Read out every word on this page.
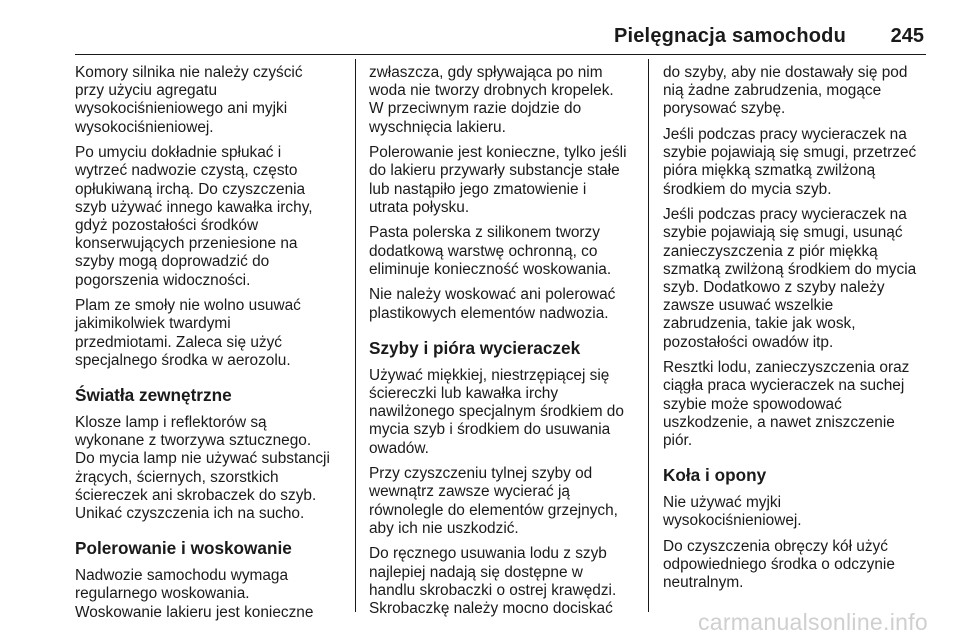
Pielęgnacja samochodu 245

Komory silnika nie należy czyścić
przy użyciu agregatu
wysokociśnieniowego ani myjki
wysokociśnieniowej.

Po umyciu dokładnie spłukać i
wytrzeć nadwozie czystą, często
opłukiwaną irchą. Do czyszczenia
szyb używać innego kawałka irchy,
gdyż pozostałości środków
konserwujących przeniesione na
szyby mogą doprowadzić do
pogorszenia widoczności.

Plam ze smoły nie wolno usuwać
jakimikolwiek twardymi
przedmiotami. Zaleca się użyć
specjalnego środka w aerozolu.

Światła zewnętrzne

Klosze lamp i reflektorów są
wykonane z tworzywa sztucznego.
Do mycia lamp nie używać substancji
żrących, ściernych, szorstkich
ściereczek ani skrobaczek do szyb.
Unikać czyszczenia ich na sucho.

Polerowanie i woskowanie

Nadwozie samochodu wymaga
regularnego woskowania.
Woskowanie lakieru jest konieczne

zwłaszcza, gdy spływająca po nim
woda nie tworzy drobnych kropelek.
W przeciwnym razie dojdzie do
wyschnięcia lakieru.

Polerowanie jest konieczne, tylko jeśli
do lakieru przywarły substancje stałe
lub nastąpiło jego zmatowienie i
utrata połysku.

Pasta polerska z silikonem tworzy
dodatkową warstwę ochronną, co
eliminuje konieczność woskowania.

Nie należy woskować ani polerować
plastikowych elementów nadwozia.

Szyby i pióra wycieraczek

Używać miękkiej, niestrzępiącej się
ściereczki lub kawałka irchy
nawilżonego specjalnym środkiem do
mycia szyb i środkiem do usuwania
owadów.

Przy czyszczeniu tylnej szyby od
wewnątrz zawsze wycierać ją
równolegle do elementów grzejnych,
aby ich nie uszkodzić.

Do ręcznego usuwania lodu z szyb
najlepiej nadają się dostępne w
handlu skrobaczki o ostrej krawędzi.
Skrobaczkę należy mocno dociskać

do szyby, aby nie dostawały się pod
nią żadne zabrudzenia, mogące
porysować szybę.

Jeśli podczas pracy wycieraczek na
szybie pojawiają się smugi, przetrzeć
pióra miękką szmatką zwilżoną
środkiem do mycia szyb.

Jeśli podczas pracy wycieraczek na
szybie pojawiają się smugi, usunąć
zanieczyszczenia z piór miękką
szmatką zwilżoną środkiem do mycia
szyb. Dodatkowo z szyby należy
zawsze usuwać wszelkie
zabrudzenia, takie jak wosk,
pozostałości owadów itp.

Resztki lodu, zanieczyszczenia oraz
ciągła praca wycieraczek na suchej
szybie może spowodować
uszkodzenie, a nawet zniszczenie
piór.

Koła i opony

Nie używać myjki
wysokociśnieniowej.

Do czyszczenia obręczy kół użyć
odpowiedniego środka o odczynie
neutralnym.

carmanualsonline.info
